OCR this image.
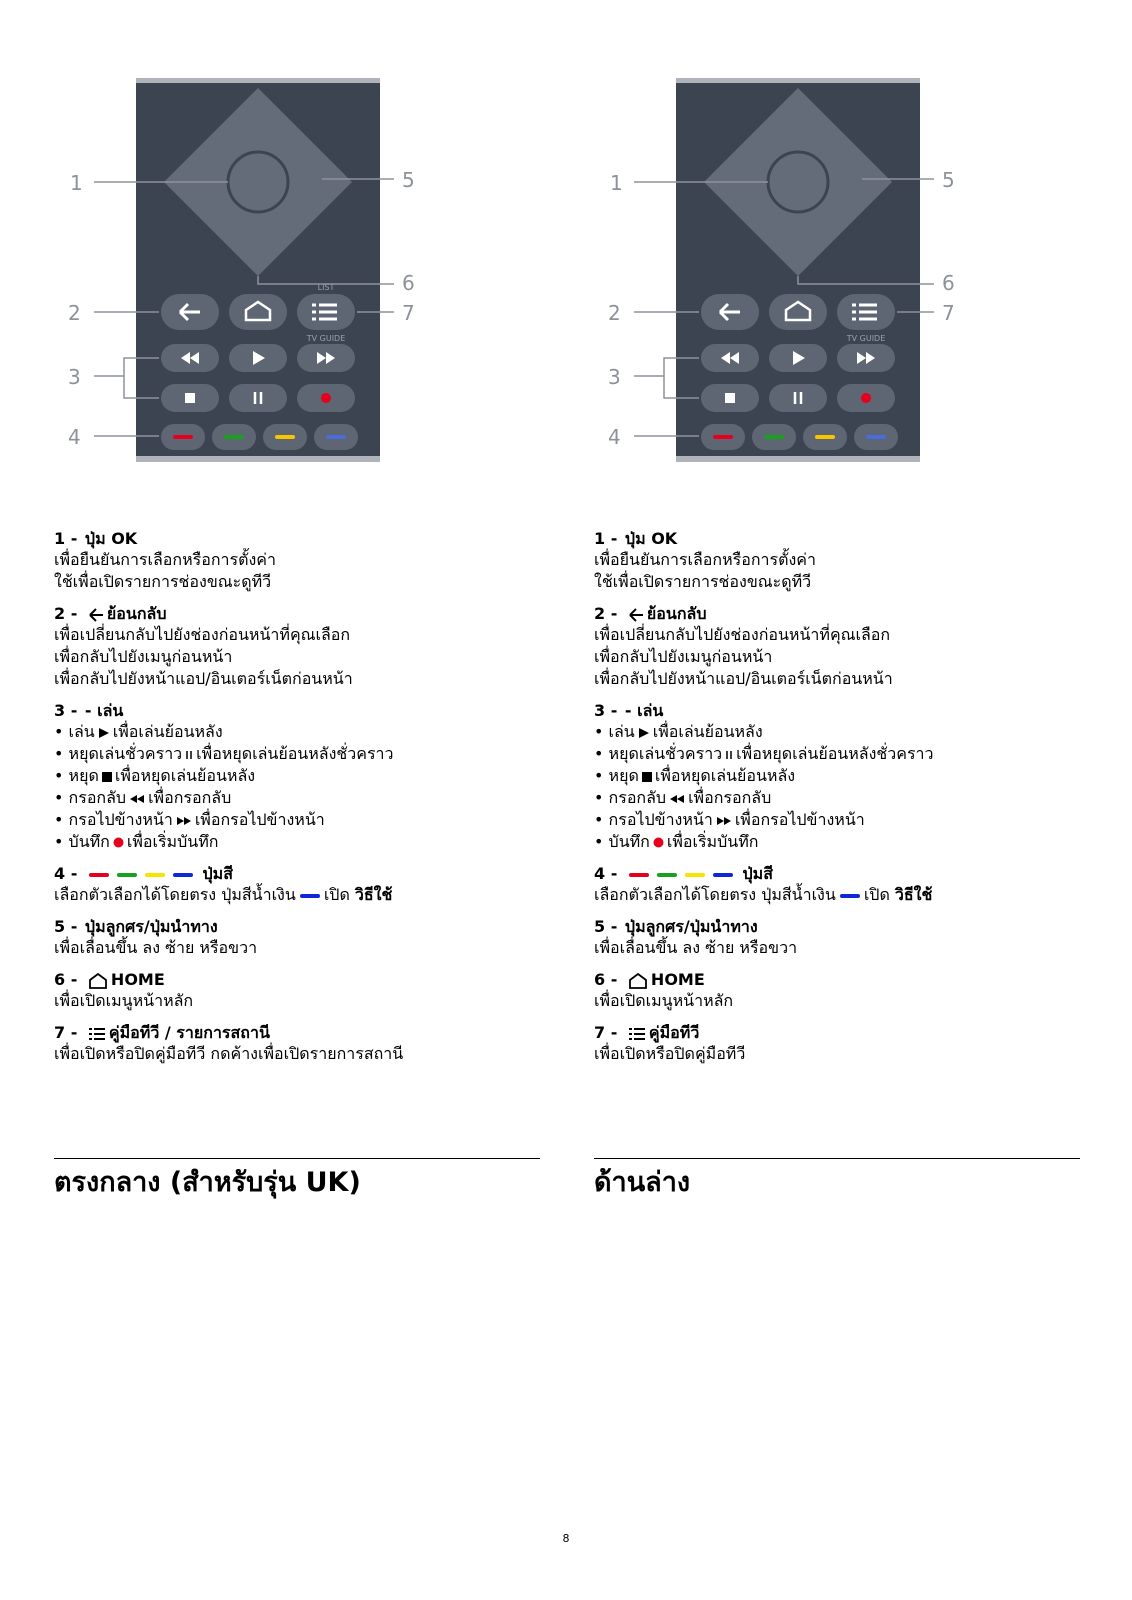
LIST
TV GUIDE
1
2
3
4
5
6
7
1 - ปุ่ม OK
เพื่อยืนยันการเลือกหรือการตั้งค่า
ใช้เพื่อเปิดรายการช่องขณะดูทีวี
2 - ย้อนกลับ
เพื่อเปลี่ยนกลับไปยังช่องก่อนหน้าที่คุณเลือก
เพื่อกลับไปยังเมนูก่อนหน้า
เพื่อกลับไปยังหน้าแอป/อินเตอร์เน็ตก่อนหน้า
3 - - เล่น
• เล่น เพื่อเล่นย้อนหลัง
• หยุดเล่นชั่วคราว เพื่อหยุดเล่นย้อนหลังชั่วคราว
• หยุด เพื่อหยุดเล่นย้อนหลัง
• กรอกลับ เพื่อกรอกลับ
• กรอไปข้างหน้า เพื่อกรอไปข้างหน้า
• บันทึก เพื่อเริ่มบันทึก
4 -	ปุ่มสี
เลือกตัวเลือกได้โดยตรง ปุ่มสีน้ำเงิน เปิด วิธีใช้
5 - ปุ่มลูกศร/ปุ่มนำทาง
เพื่อเลื่อนขึ้น ลง ซ้าย หรือขวา
6 - HOME
เพื่อเปิดเมนูหน้าหลัก
7 - คู่มือทีวี / รายการสถานี
เพื่อเปิดหรือปิดคู่มือทีวี กดค้างเพื่อเปิดรายการสถานี
TV GUIDE
1
2
3
4
5
6
7
1 - ปุ่ม OK
เพื่อยืนยันการเลือกหรือการตั้งค่า
ใช้เพื่อเปิดรายการช่องขณะดูทีวี
2 - ย้อนกลับ
เพื่อเปลี่ยนกลับไปยังช่องก่อนหน้าที่คุณเลือก
เพื่อกลับไปยังเมนูก่อนหน้า
เพื่อกลับไปยังหน้าแอป/อินเตอร์เน็ตก่อนหน้า
3 - - เล่น
• เล่น เพื่อเล่นย้อนหลัง
• หยุดเล่นชั่วคราว เพื่อหยุดเล่นย้อนหลังชั่วคราว
• หยุด เพื่อหยุดเล่นย้อนหลัง
• กรอกลับ เพื่อกรอกลับ
• กรอไปข้างหน้า เพื่อกรอไปข้างหน้า
• บันทึก เพื่อเริ่มบันทึก
4 -	ปุ่มสี
เลือกตัวเลือกได้โดยตรง ปุ่มสีน้ำเงิน เปิด วิธีใช้
5 - ปุ่มลูกศร/ปุ่มนำทาง
เพื่อเลื่อนขึ้น ลง ซ้าย หรือขวา
6 - HOME
เพื่อเปิดเมนูหน้าหลัก
7 - คู่มือทีวี
เพื่อเปิดหรือปิดคู่มือทีวี
ตรงกลาง (สำหรับรุ่น UK)	ด้านล่าง
8
